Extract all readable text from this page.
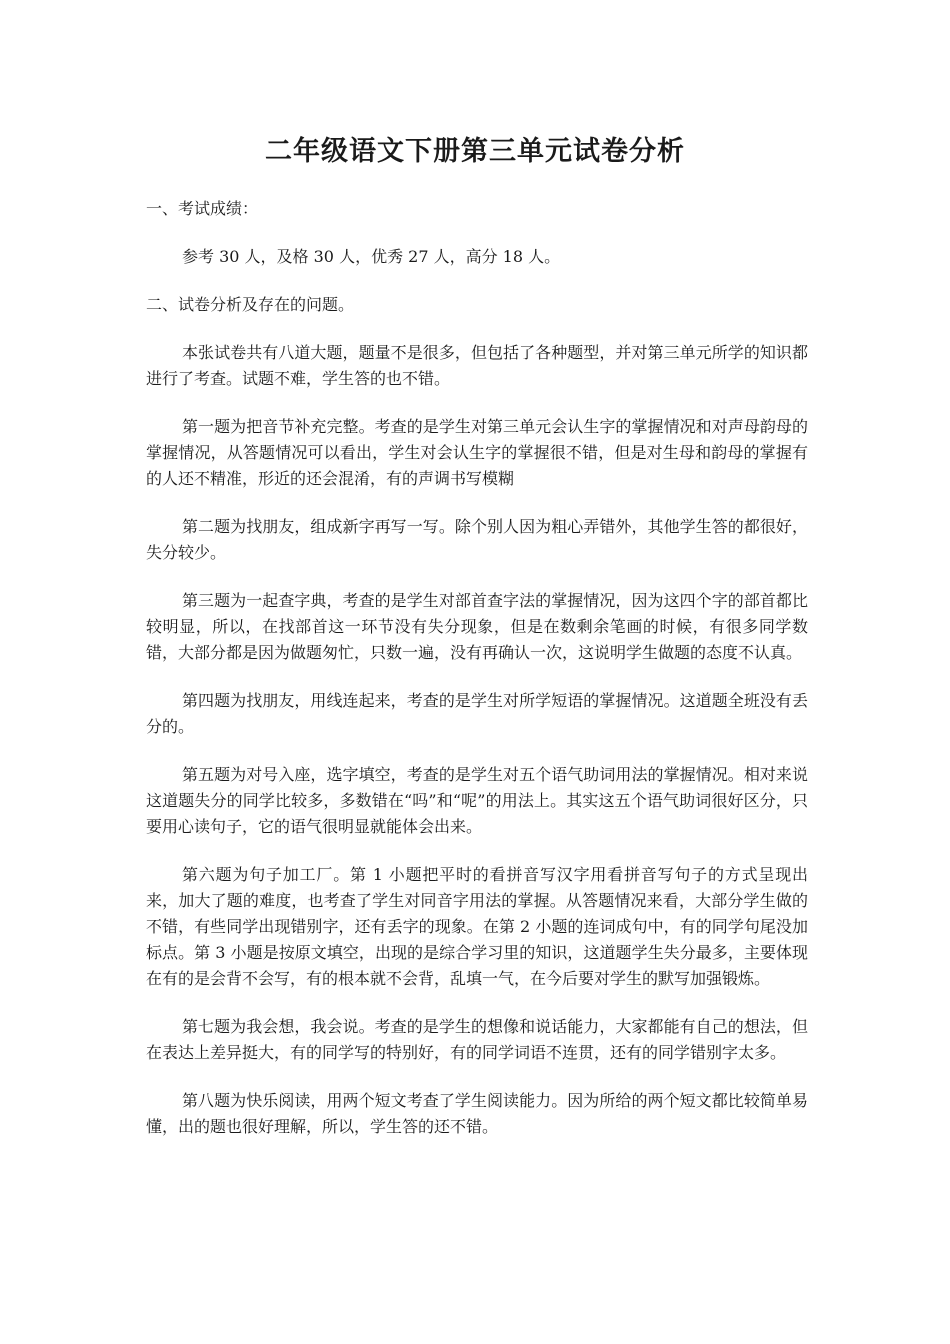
二年级语文下册第三单元试卷分析

一、考试成绩：

参考 30 人，及格 30 人，优秀 27 人，高分 18 人。

二、试卷分析及存在的问题。

本张试卷共有八道大题，题量不是很多，但包括了各种题型，并对第三单元所学的知识都进行了考查。试题不难，学生答的也不错。

第一题为把音节补充完整。考查的是学生对第三单元会认生字的掌握情况和对声母韵母的掌握情况，从答题情况可以看出，学生对会认生字的掌握很不错，但是对生母和韵母的掌握有的人还不精准，形近的还会混淆，有的声调书写模糊

第二题为找朋友，组成新字再写一写。除个别人因为粗心弄错外，其他学生答的都很好，失分较少。

第三题为一起查字典，考查的是学生对部首查字法的掌握情况，因为这四个字的部首都比较明显，所以，在找部首这一环节没有失分现象，但是在数剩余笔画的时候，有很多同学数错，大部分都是因为做题匆忙，只数一遍，没有再确认一次，这说明学生做题的态度不认真。

第四题为找朋友，用线连起来，考查的是学生对所学短语的掌握情况。这道题全班没有丢分的。

第五题为对号入座，选字填空，考查的是学生对五个语气助词用法的掌握情况。相对来说这道题失分的同学比较多，多数错在“吗”和“呢”的用法上。其实这五个语气助词很好区分，只要用心读句子，它的语气很明显就能体会出来。

第六题为句子加工厂。第 1 小题把平时的看拼音写汉字用看拼音写句子的方式呈现出来，加大了题的难度，也考查了学生对同音字用法的掌握。从答题情况来看，大部分学生做的不错，有些同学出现错别字，还有丢字的现象。在第 2 小题的连词成句中，有的同学句尾没加标点。第 3 小题是按原文填空，出现的是综合学习里的知识，这道题学生失分最多，主要体现在有的是会背不会写，有的根本就不会背，乱填一气，在今后要对学生的默写加强锻炼。

第七题为我会想，我会说。考查的是学生的想像和说话能力，大家都能有自己的想法，但在表达上差异挺大，有的同学写的特别好，有的同学词语不连贯，还有的同学错别字太多。

第八题为快乐阅读，用两个短文考查了学生阅读能力。因为所给的两个短文都比较简单易懂，出的题也很好理解，所以，学生答的还不错。
